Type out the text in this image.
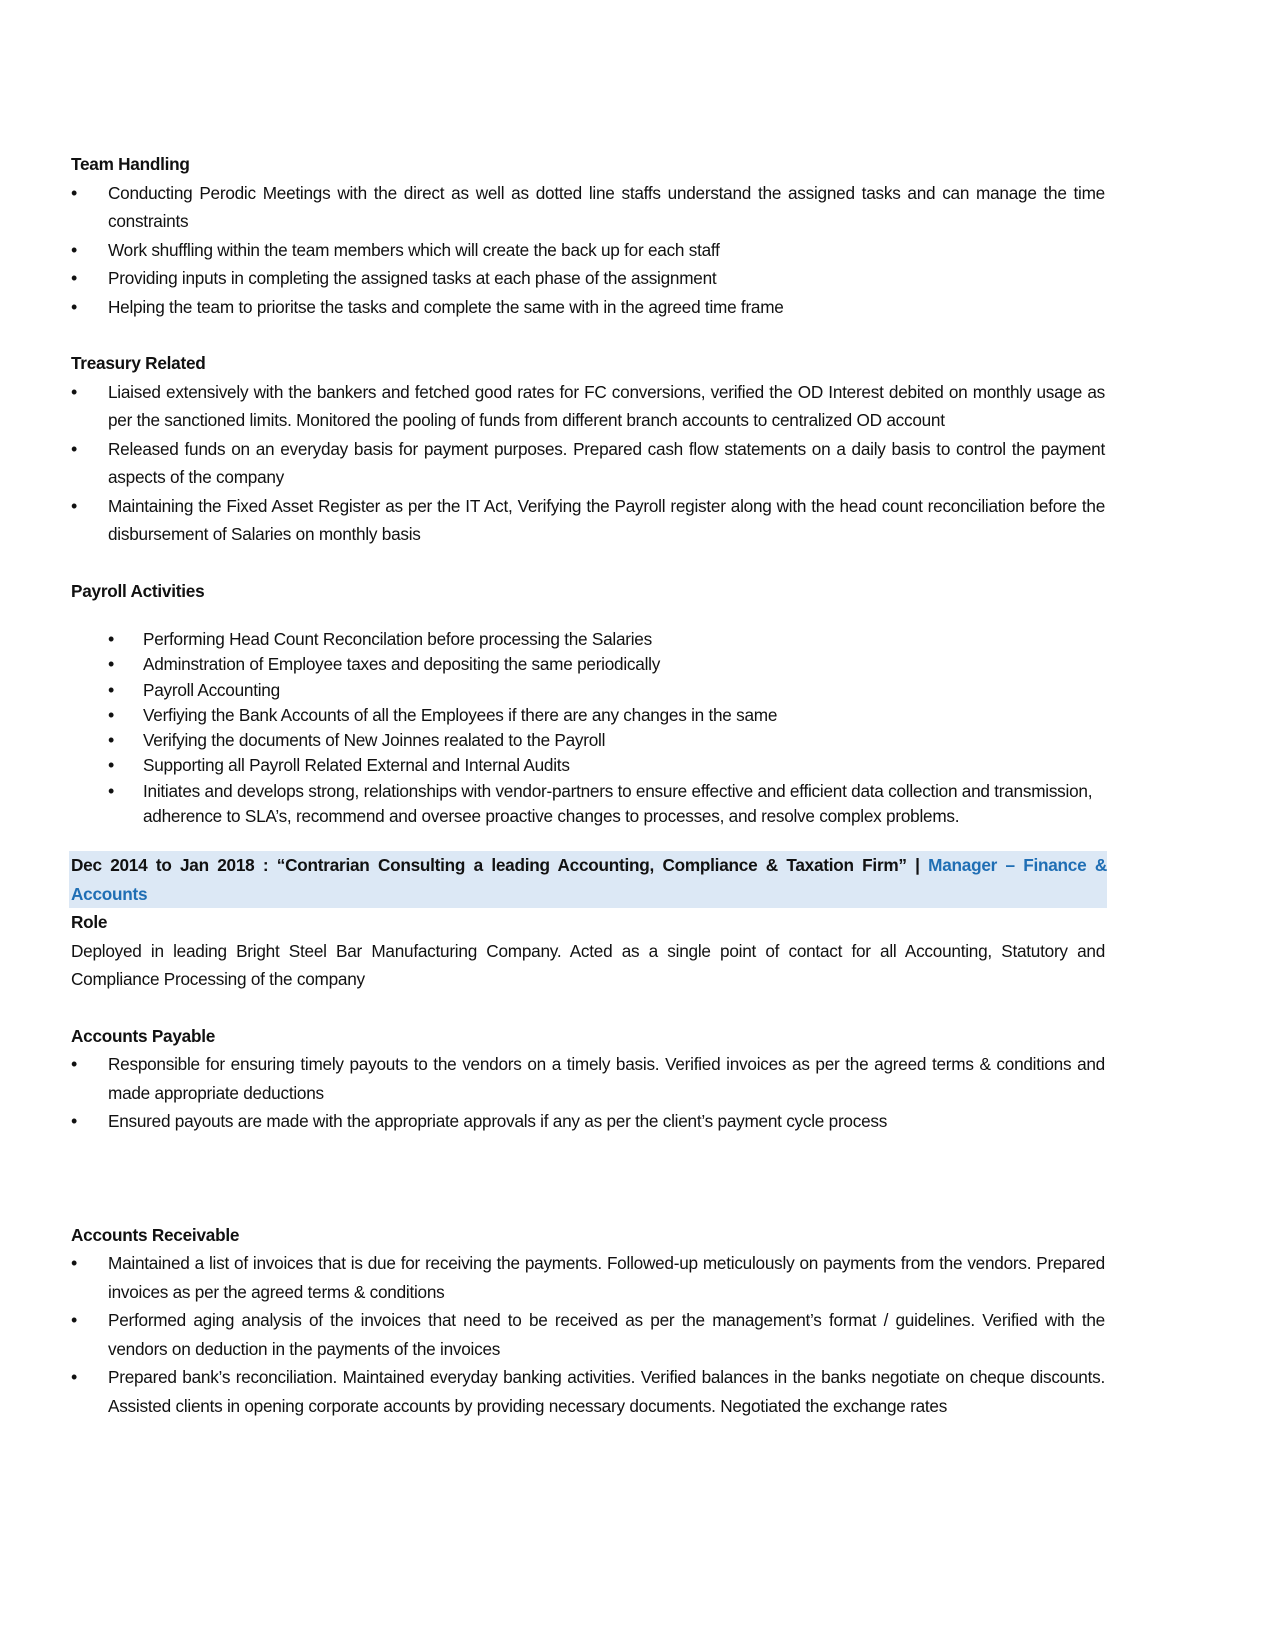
Team Handling

• Conducting Perodic Meetings with the direct as well as dotted line staffs understand the assigned tasks and can manage the time constraints
• Work shuffling within the team members which will create the back up for each staff
• Providing inputs in completing the assigned tasks at each phase of the assignment
• Helping the team to prioritse the tasks and complete the same with in the agreed time frame

Treasury Related

• Liaised extensively with the bankers and fetched good rates for FC conversions, verified the OD Interest debited on monthly usage as per the sanctioned limits. Monitored the pooling of funds from different branch accounts to centralized OD account
• Released funds on an everyday basis for payment purposes. Prepared cash flow statements on a daily basis to control the payment aspects of the company
• Maintaining the Fixed Asset Register as per the IT Act, Verifying the Payroll register along with the head count reconciliation before the disbursement of Salaries on monthly basis

Payroll Activities

• Performing Head Count Reconcilation before processing the Salaries
• Adminstration of Employee taxes and depositing the same periodically
• Payroll Accounting
• Verfiying the Bank Accounts of all the Employees if there are any changes in the same
• Verifying the documents of New Joinnes realated to the Payroll
• Supporting all Payroll Related External and Internal Audits
• Initiates and develops strong, relationships with vendor-partners to ensure effective and efficient data collection and transmission, adherence to SLA’s, recommend and oversee proactive changes to processes, and resolve complex problems.
Dec 2014 to Jan 2018 : “Contrarian Consulting a leading Accounting, Compliance & Taxation Firm” | Manager – Finance & Accounts

Role

Deployed in leading Bright Steel Bar Manufacturing Company. Acted as a single point of contact for all Accounting, Statutory and Compliance Processing of the company

Accounts Payable

• Responsible for ensuring timely payouts to the vendors on a timely basis. Verified invoices as per the agreed terms & conditions and made appropriate deductions
• Ensured payouts are made with the appropriate approvals if any as per the client’s payment cycle process

Accounts Receivable

• Maintained a list of invoices that is due for receiving the payments. Followed-up meticulously on payments from the vendors. Prepared invoices as per the agreed terms & conditions
• Performed aging analysis of the invoices that need to be received as per the management’s format / guidelines. Verified with the vendors on deduction in the payments of the invoices
• Prepared bank’s reconciliation. Maintained everyday banking activities. Verified balances in the banks negotiate on cheque discounts. Assisted clients in opening corporate accounts by providing necessary documents. Negotiated the exchange rates
